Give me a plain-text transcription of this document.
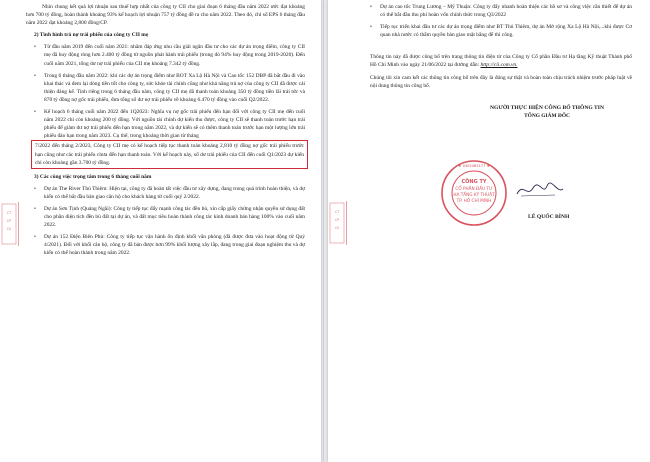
CT
CP
CII

Nhìn chung kết quả lợi nhuận sau thuế hợp nhất của công ty CII cho giai đoạn 6 tháng đầu năm 2022 ước đạt khoảng hơn 700 tỷ đồng, hoàn thành khoảng 93% kế hoạch lợi nhuận 757 tỷ đồng đề ra cho năm 2022. Theo đó, chỉ số EPS 6 tháng đầu năm 2022 đạt khoảng 2,800 đồng/CP.

2) Tình hình trả nợ trái phiếu của công ty CII mẹ

• Từ đầu năm 2019 đến cuối năm 2021: nhằm đáp ứng nhu cầu giải ngân đầu tư cho các dự án trọng điểm, công ty CII mẹ đã huy động ròng hơn 2.400 tỷ đồng từ nguồn phát hành trái phiếu (trong đó 94% huy động trong 2019-2020). Đến cuối năm 2021, tổng dư nợ trái phiếu của CII mẹ khoảng 7.342 tỷ đồng.

• Trong 6 tháng đầu năm 2022: khi các dự án trọng điểm như BOT Xa Lộ Hà Nội và Cao tốc 152 DBP đã bắt đầu đi vào khai thác và đem lại dòng tiền tốt cho công ty, sức khỏe tài chính cũng như khả năng trả nợ của công ty CII đã được cải thiện đáng kể. Tính riêng trong 6 tháng đầu năm, công ty CII mẹ đã thanh toán khoảng 350 tỷ đồng tiền lãi trái tức và 870 tỷ đồng nợ gốc trái phiếu, đưa tổng số dư nợ trái phiếu về khoảng 6.470 tỷ đồng vào cuối Q2/2022.

• Kế hoạch 6 tháng cuối năm 2022 đến 1Q2023: Nghĩa vụ nợ gốc trái phiếu đến hạn đối với công ty CII mẹ đến cuối năm 2022 chỉ còn khoảng 200 tỷ đồng. Với nguồn tài chính dự kiến thu được, công ty CII sẽ thanh toán trước hạn trái phiếu để giảm dư nợ trái phiếu đến hạn trong năm 2022, và dự kiến sẽ có thêm thanh toán trước hạn một lượng lớn trái phiếu đáo hạn trong năm 2023. Cụ thể, trong khoảng thời gian từ tháng

7/2022 đến tháng 2/2023, Công ty CII mẹ có kế hoạch tiếp tục thanh toán khoảng 2,810 tỷ đồng nợ gốc trái phiếu trước hạn cũng như các trái phiếu chưa đến hạn thanh toán. Với kế hoạch này, số dư trái phiếu của CII đến cuối Q1/2023 dự kiến chỉ còn khoảng gần 3.700 tỷ đồng.

3) Các công việc trọng tâm trong 6 tháng cuối năm

• Dự án The River Thủ Thiêm: Hiện tại, công ty đã hoàn tất việc đầu tư xây dựng, đang trong quá trình hoàn thiện, và dự kiến có thể bắt đầu bàn giao căn hộ cho khách hàng từ cuối quý 2/2022.

• Dự án Sơn Tịnh (Quảng Ngãi): Công ty tiếp tục đẩy mạnh công tác đền bù, xin cấp giấy chứng nhận quyền sử dụng đất cho phần diện tích đền bù đất tại dự án, và đất mục tiêu hoàn thành công tác kinh doanh bán hàng 100% vào cuối năm 2022.

• Dự án 152 Điện Biên Phủ: Công ty tiếp tục vận hành ổn định khối văn phòng (đã được đưa vào hoạt động từ Quý 4/2021). Đối với khối căn hộ, công ty đã bán được hơn 99% khối lượng xây lắp, đang trong giai đoạn nghiệm thu và dự kiến có thể hoàn thành trong năm 2022.

CT
CP
CII

• Dự án cao tốc Trung Lương – Mỹ Thuận: Công ty đẩy nhanh hoàn thiện các hồ sơ và công việc cần thiết để dự án có thể bắt đầu thu phí hoàn vốn chính thức trong Q3/2022

• Tiếp tục triển khai đầu tư các dự án trọng điểm như BT Thủ Thiêm, dự án Mở rộng Xa Lộ Hà Nội,...khi được Cơ quan nhà nước có thẩm quyền bàn giao mặt bằng để thi công.

Thông tin này đã được công bố trên trang thông tin điện tử của Công ty Cổ phần Đầu tư Hạ tầng Kỹ thuật Thành phố Hồ Chí Minh vào ngày 21/06/2022 tại đường dẫn: http://cii.com.vn.

Chúng tôi xin cam kết các thông tin công bố trên đây là đúng sự thật và hoàn toàn chịu trách nhiệm trước pháp luật về nội dung thông tin công bố.

NGƯỜI THỰC HIỆN CÔNG BỐ THÔNG TIN
TỔNG GIÁM ĐỐC
CÔNG TY
CỔ PHẦN ĐẦU TƯ
HẠ TẦNG KỸ THUẬT
TP. HỒ CHÍ MINH
★ 0302483177 ★
LÊ QUỐC BÌNH
